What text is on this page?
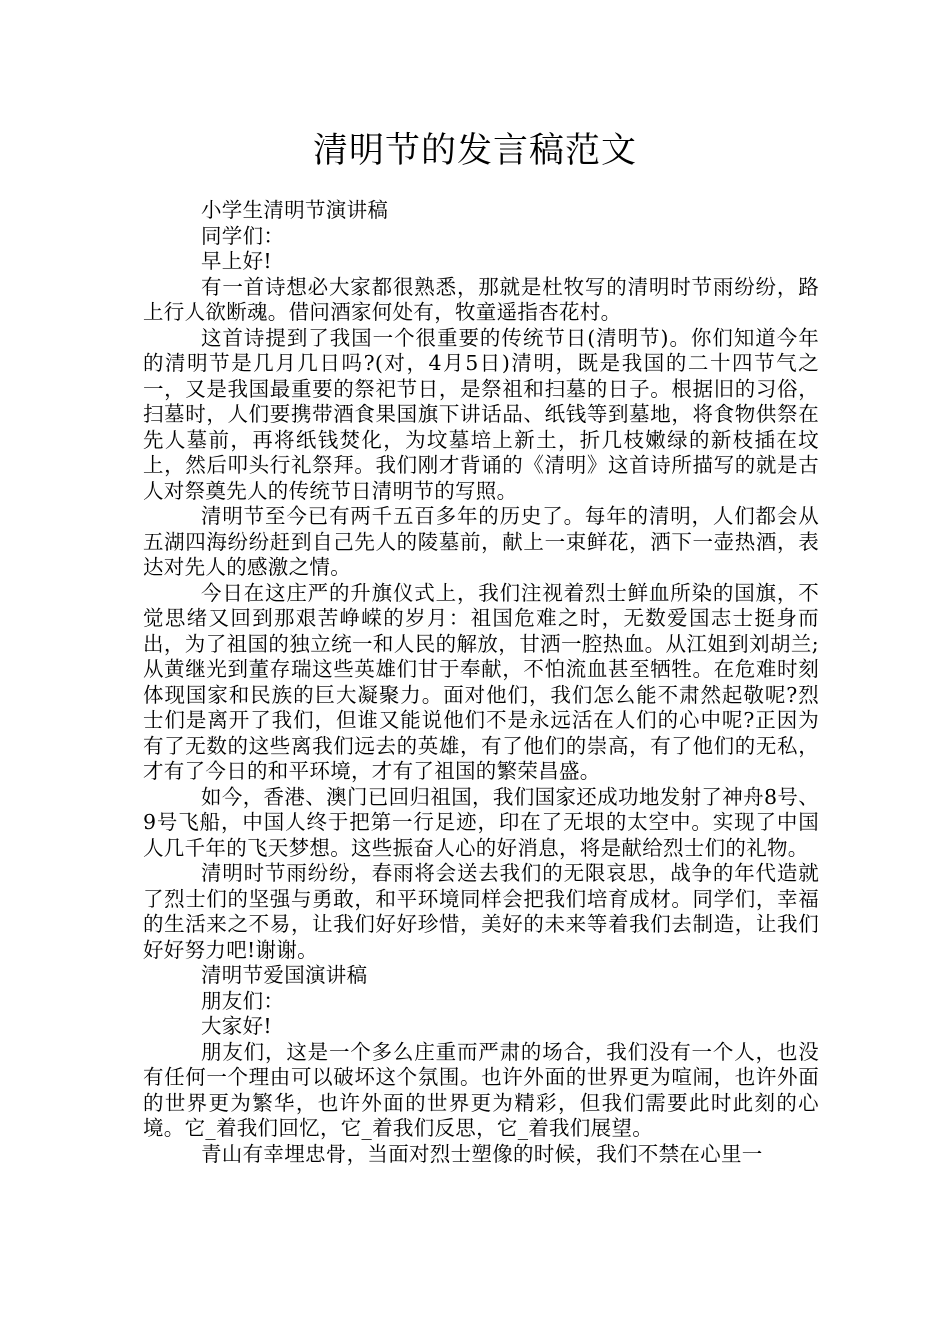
清明节的发言稿范文

小学生清明节演讲稿

同学们：

早上好!

有一首诗想必大家都很熟悉，那就是杜牧写的清明时节雨纷纷，路上行人欲断魂。借问酒家何处有，牧童遥指杏花村。

这首诗提到了我国一个很重要的传统节日(清明节)。你们知道今年的清明节是几月几日吗?(对，4月5日)清明，既是我国的二十四节气之一，又是我国最重要的祭祀节日，是祭祖和扫墓的日子。根据旧的习俗，扫墓时，人们要携带酒食果国旗下讲话品、纸钱等到墓地，将食物供祭在先人墓前，再将纸钱焚化，为坟墓培上新土，折几枝嫩绿的新枝插在坟上，然后叩头行礼祭拜。我们刚才背诵的《清明》这首诗所描写的就是古人对祭奠先人的传统节日清明节的写照。

清明节至今已有两千五百多年的历史了。每年的清明，人们都会从五湖四海纷纷赶到自己先人的陵墓前，献上一束鲜花，洒下一壶热酒，表达对先人的感激之情。

今日在这庄严的升旗仪式上，我们注视着烈士鲜血所染的国旗，不觉思绪又回到那艰苦峥嵘的岁月：祖国危难之时，无数爱国志士挺身而出，为了祖国的独立统一和人民的解放，甘洒一腔热血。从江姐到刘胡兰;从黄继光到董存瑞这些英雄们甘于奉献，不怕流血甚至牺牲。在危难时刻体现国家和民族的巨大凝聚力。面对他们，我们怎么能不肃然起敬呢?烈士们是离开了我们，但谁又能说他们不是永远活在人们的心中呢?正因为有了无数的这些离我们远去的英雄，有了他们的崇高，有了他们的无私，才有了今日的和平环境，才有了祖国的繁荣昌盛。

如今，香港、澳门已回归祖国，我们国家还成功地发射了神舟8号、9号飞船，中国人终于把第一行足迹，印在了无垠的太空中。实现了中国人几千年的飞天梦想。这些振奋人心的好消息，将是献给烈士们的礼物。

清明时节雨纷纷，春雨将会送去我们的无限哀思，战争的年代造就了烈士们的坚强与勇敢，和平环境同样会把我们培育成材。同学们，幸福的生活来之不易，让我们好好珍惜，美好的未来等着我们去制造，让我们好好努力吧!谢谢。

清明节爱国演讲稿

朋友们：

大家好!

朋友们，这是一个多么庄重而严肃的场合，我们没有一个人，也没有任何一个理由可以破坏这个氛围。也许外面的世界更为喧闹，也许外面的世界更为繁华，也许外面的世界更为精彩，但我们需要此时此刻的心境。它_着我们回忆，它_着我们反思，它_着我们展望。

青山有幸埋忠骨，当面对烈士塑像的时候，我们不禁在心里一
